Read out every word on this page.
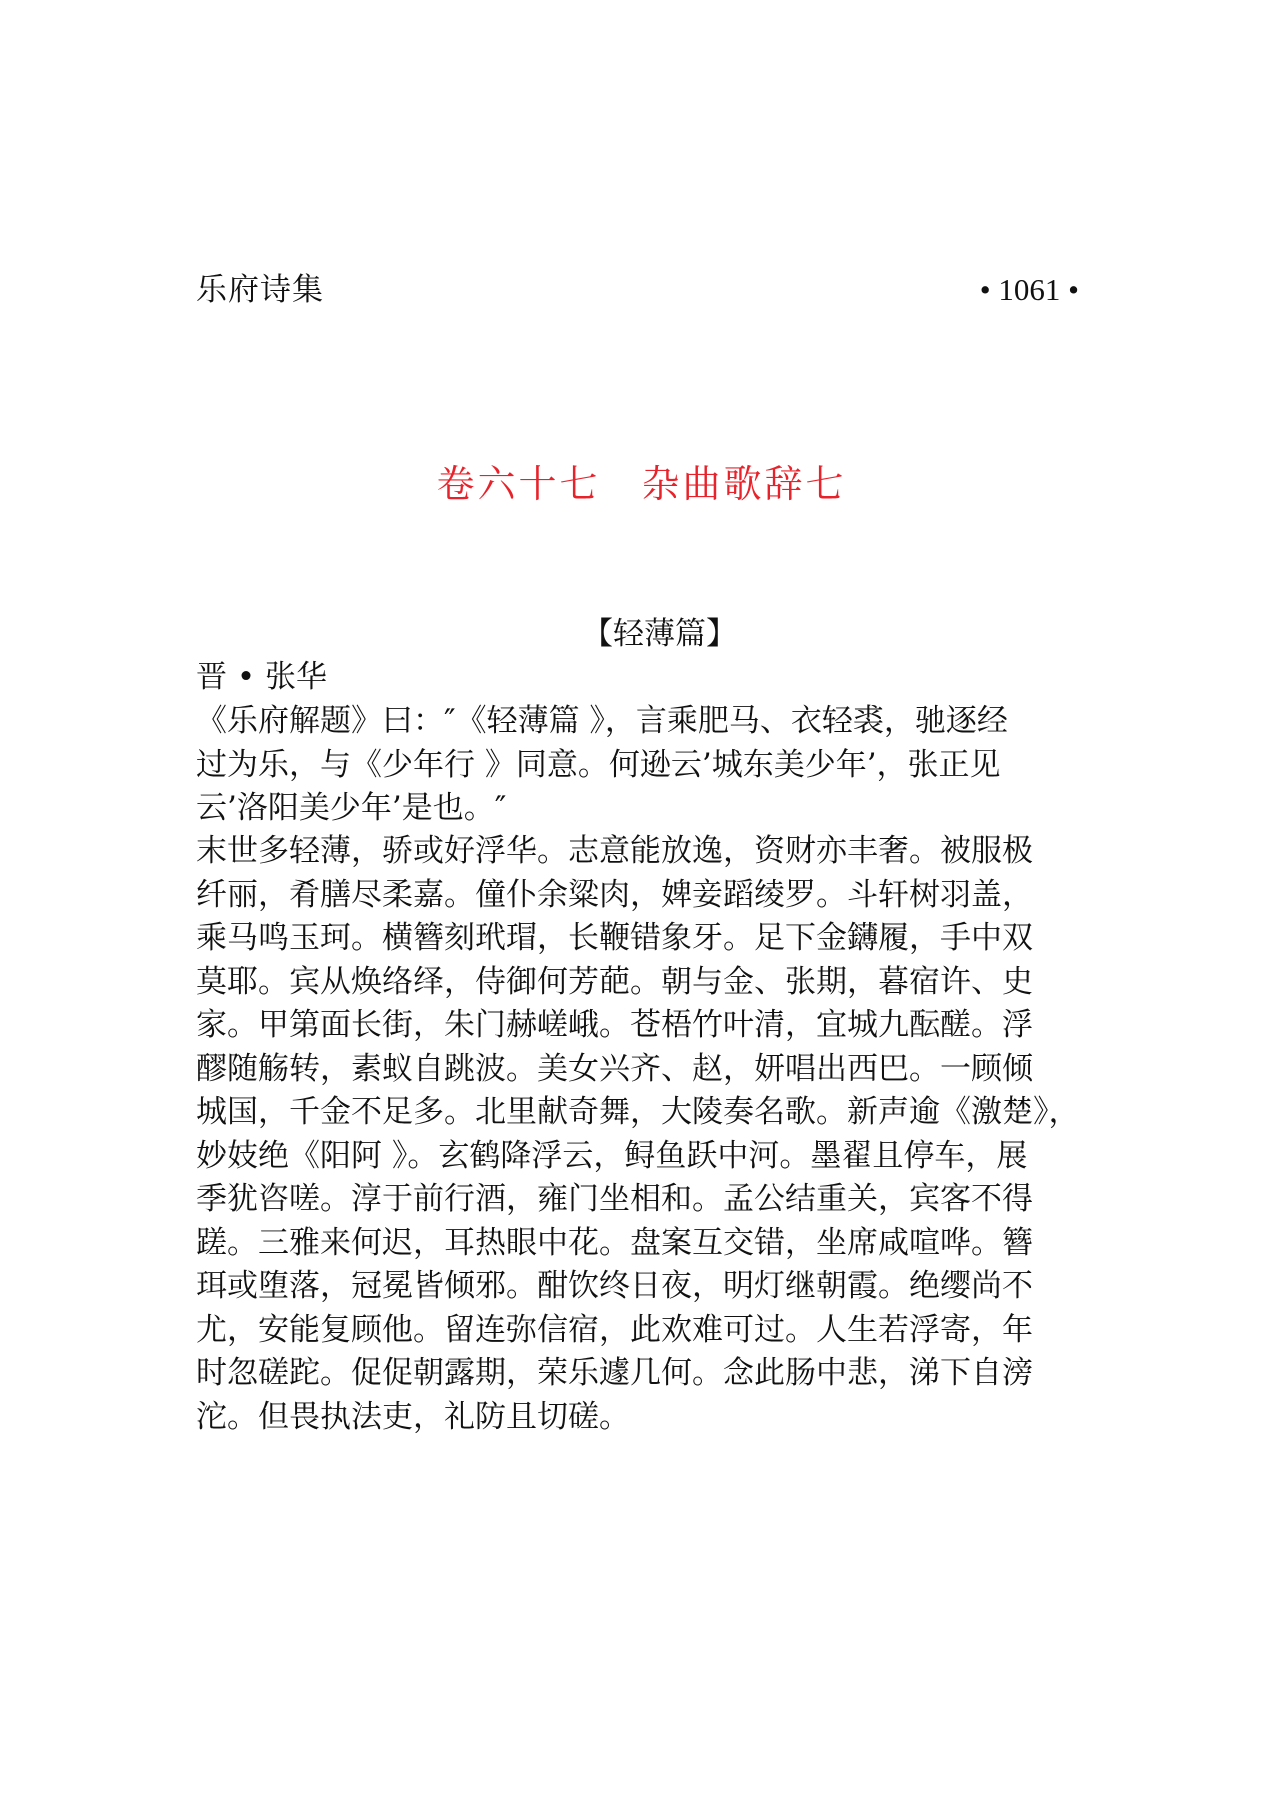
乐府诗集	• 1061 •
卷六十七　杂曲歌辞七
【轻薄篇】
晋 • 张华
《乐府解题》曰：″《轻薄篇 》，言乘肥马、衣轻裘，驰逐经
过为乐，与《少年行 》同意。何逊云’城东美少年’，张正见
云’洛阳美少年’是也。″
末世多轻薄，骄或好浮华。志意能放逸，资财亦丰奢。被服极
纤丽，肴膳尽柔嘉。僮仆余粱肉，婢妾蹈绫罗。斗轩树羽盖，
乘马鸣玉珂。横簪刻玳瑁，长鞭错象牙。足下金鑮履，手中双
莫耶。宾从焕络绎，侍御何芳葩。朝与金、张期，暮宿许、史
家。甲第面长街，朱门赫嵯峨。苍梧竹叶清，宜城九酝醝。浮
醪随觞转，素蚁自跳波。美女兴齐、赵，妍唱出西巴。一顾倾
城国，千金不足多。北里献奇舞，大陵奏名歌。新声逾《激楚》，
妙妓绝《阳阿 》。玄鹤降浮云，鲟鱼跃中河。墨翟且停车，展
季犹咨嗟。淳于前行酒，雍门坐相和。孟公结重关，宾客不得
蹉。三雅来何迟，耳热眼中花。盘案互交错，坐席咸喧哗。簪
珥或堕落，冠冕皆倾邪。酣饮终日夜，明灯继朝霞。绝缨尚不
尤，安能复顾他。留连弥信宿，此欢难可过。人生若浮寄，年
时忽磋跎。促促朝露期，荣乐遽几何。念此肠中悲，涕下自滂
沱。但畏执法吏，礼防且切磋。
